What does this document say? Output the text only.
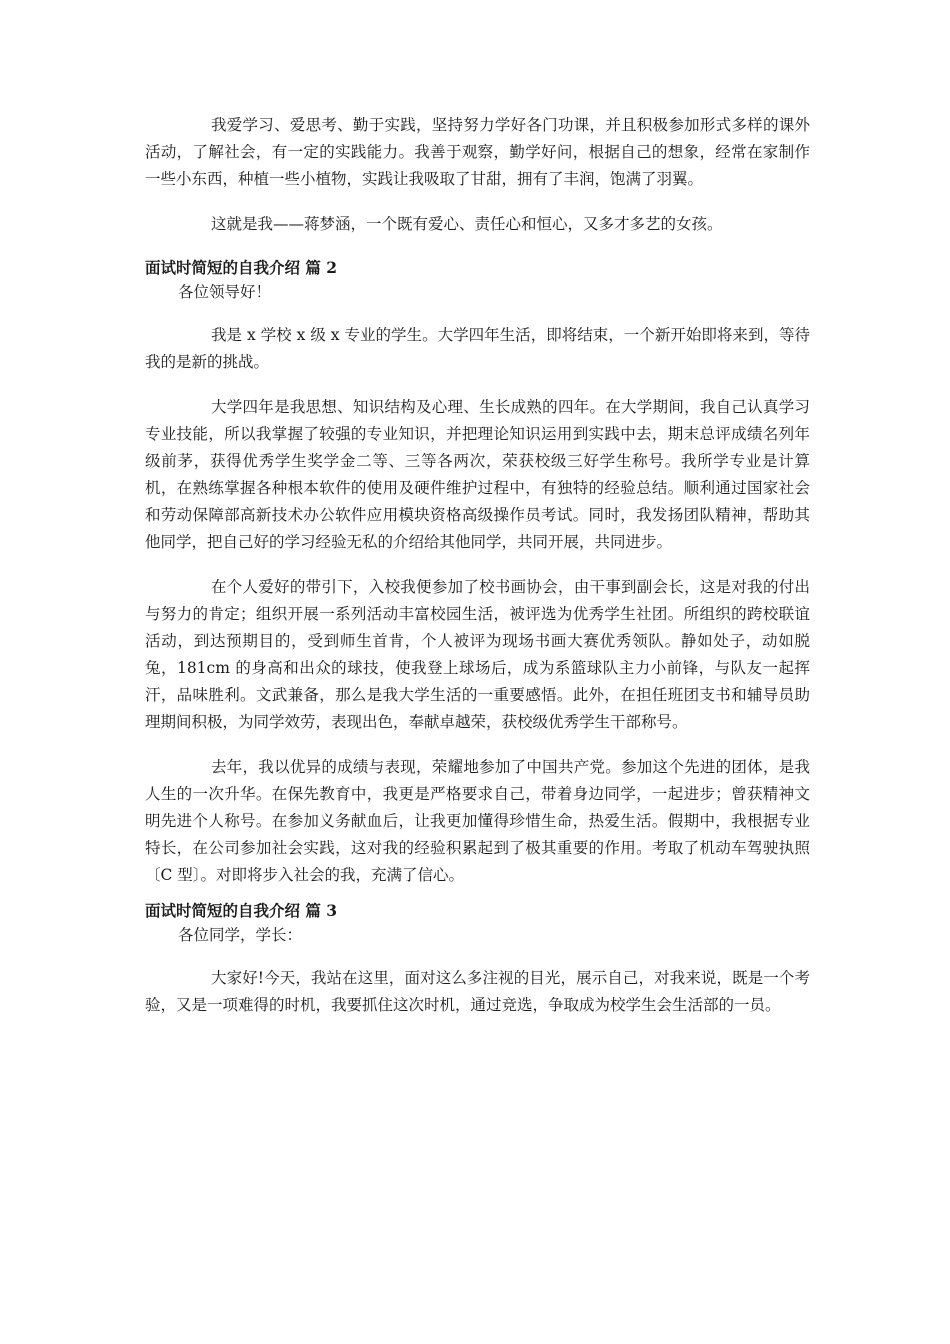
我爱学习、爱思考、勤于实践，坚持努力学好各门功课，并且积极参加形式多样的课外活动，了解社会，有一定的实践能力。我善于观察，勤学好问，根据自己的想象，经常在家制作一些小东西，种植一些小植物，实践让我吸取了甘甜，拥有了丰润，饱满了羽翼。

这就是我——蒋梦涵，一个既有爱心、责任心和恒心，又多才多艺的女孩。

面试时简短的自我介绍 篇 2

各位领导好！

我是 x 学校 x 级 x 专业的学生。大学四年生活，即将结束，一个新开始即将来到，等待我的是新的挑战。

大学四年是我思想、知识结构及心理、生长成熟的四年。在大学期间，我自己认真学习专业技能，所以我掌握了较强的专业知识，并把理论知识运用到实践中去，期末总评成绩名列年级前茅，获得优秀学生奖学金二等、三等各两次，荣获校级三好学生称号。我所学专业是计算机，在熟练掌握各种根本软件的使用及硬件维护过程中，有独特的经验总结。顺利通过国家社会和劳动保障部高新技术办公软件应用模块资格高级操作员考试。同时，我发扬团队精神，帮助其他同学，把自己好的学习经验无私的介绍给其他同学，共同开展，共同进步。

在个人爱好的带引下，入校我便参加了校书画协会，由干事到副会长，这是对我的付出与努力的肯定；组织开展一系列活动丰富校园生活，被评选为优秀学生社团。所组织的跨校联谊活动，到达预期目的，受到师生首肯，个人被评为现场书画大赛优秀领队。静如处子，动如脱兔，181cm 的身高和出众的球技，使我登上球场后，成为系篮球队主力小前锋，与队友一起挥汗，品味胜利。文武兼备，那么是我大学生活的一重要感悟。此外，在担任班团支书和辅导员助理期间积极，为同学效劳，表现出色，奉献卓越荣，获校级优秀学生干部称号。

去年，我以优异的成绩与表现，荣耀地参加了中国共产党。参加这个先进的团体，是我人生的一次升华。在保先教育中，我更是严格要求自己，带着身边同学，一起进步；曾获精神文明先进个人称号。在参加义务献血后，让我更加懂得珍惜生命，热爱生活。假期中，我根据专业特长，在公司参加社会实践，这对我的经验积累起到了极其重要的作用。考取了机动车驾驶执照〔C 型〕。对即将步入社会的我，充满了信心。

面试时简短的自我介绍 篇 3

各位同学，学长：

大家好!今天，我站在这里，面对这么多注视的目光，展示自己，对我来说，既是一个考验，又是一项难得的时机，我要抓住这次时机，通过竞选，争取成为校学生会生活部的一员。
